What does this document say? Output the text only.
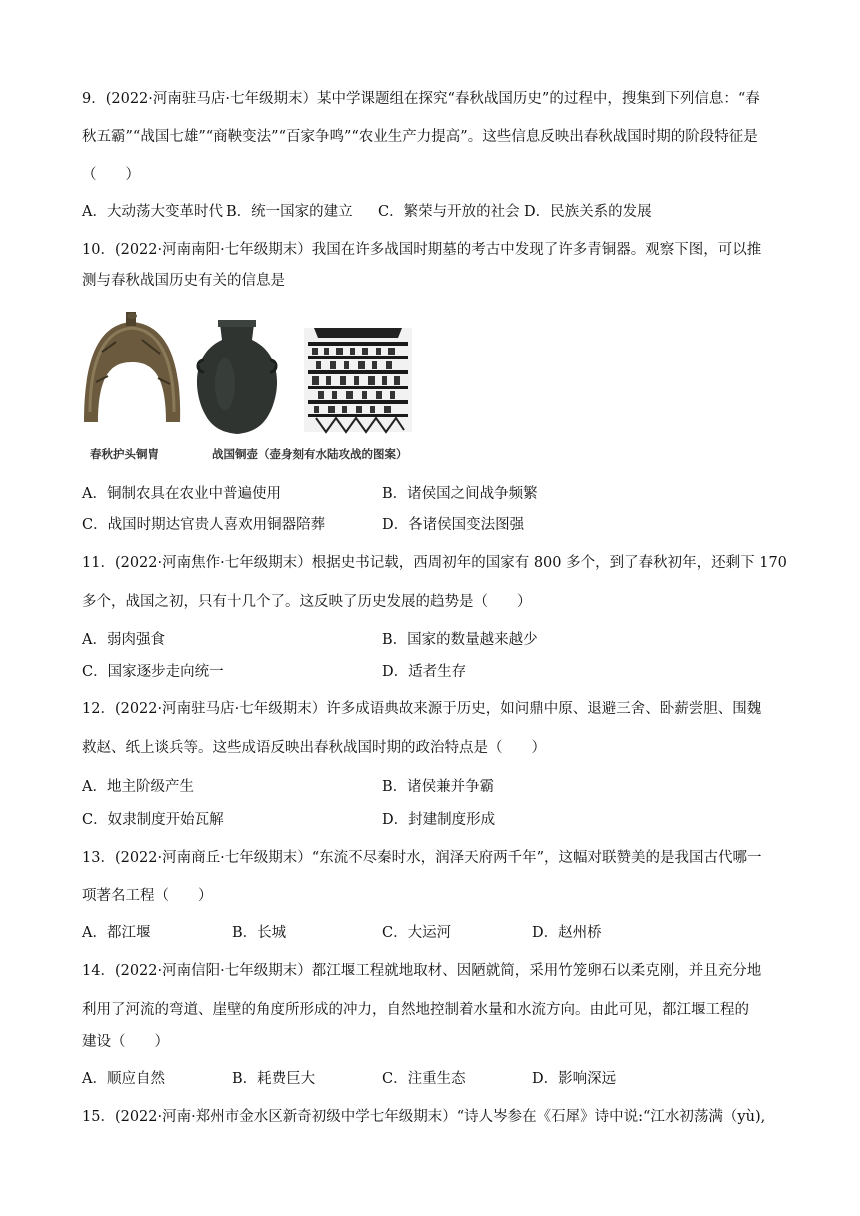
9．(2022·河南驻马店·七年级期末）某中学课题组在探究“春秋战国历史”的过程中，搜集到下列信息：“春
秋五霸”“战国七雄”“商鞅变法”“百家争鸣”“农业生产力提高”。这些信息反映出春秋战国时期的阶段特征是
（　　）
A．大动荡大变革时代 B．统一国家的建立 C．繁荣与开放的社会 D．民族关系的发展
10．(2022·河南南阳·七年级期末）我国在许多战国时期墓的考古中发现了许多青铜器。观察下图，可以推
测与春秋战国历史有关的信息是
春秋护头铜胄	战国铜壶（壶身刻有水陆攻战的图案）
A．铜制农具在农业中普遍使用	B．诸侯国之间战争频繁
C．战国时期达官贵人喜欢用铜器陪葬	D．各诸侯国变法图强
11．(2022·河南焦作·七年级期末）根据史书记载，西周初年的国家有 800 多个，到了春秋初年，还剩下 170
多个，战国之初，只有十几个了。这反映了历史发展的趋势是（　　）
A．弱肉强食	B．国家的数量越来越少
C．国家逐步走向统一	D．适者生存
12．(2022·河南驻马店·七年级期末）许多成语典故来源于历史，如问鼎中原、退避三舍、卧薪尝胆、围魏
救赵、纸上谈兵等。这些成语反映出春秋战国时期的政治特点是（　　）
A．地主阶级产生	B．诸侯兼并争霸
C．奴隶制度开始瓦解	D．封建制度形成
13．(2022·河南商丘·七年级期末）“东流不尽秦时水，润泽天府两千年”，这幅对联赞美的是我国古代哪一
项著名工程（　　）
A．都江堰	B．长城	C．大运河	D．赵州桥
14．(2022·河南信阳·七年级期末）都江堰工程就地取材、因陋就简，采用竹笼卵石以柔克刚，并且充分地
利用了河流的弯道、崖壁的角度所形成的冲力，自然地控制着水量和水流方向。由此可见，都江堰工程的
建设（　　）
A．顺应自然	B．耗费巨大	C．注重生态	D．影响深远
15．(2022·河南·郑州市金水区新奇初级中学七年级期末）“诗人岑参在《石犀》诗中说:“江水初荡满（yù),
